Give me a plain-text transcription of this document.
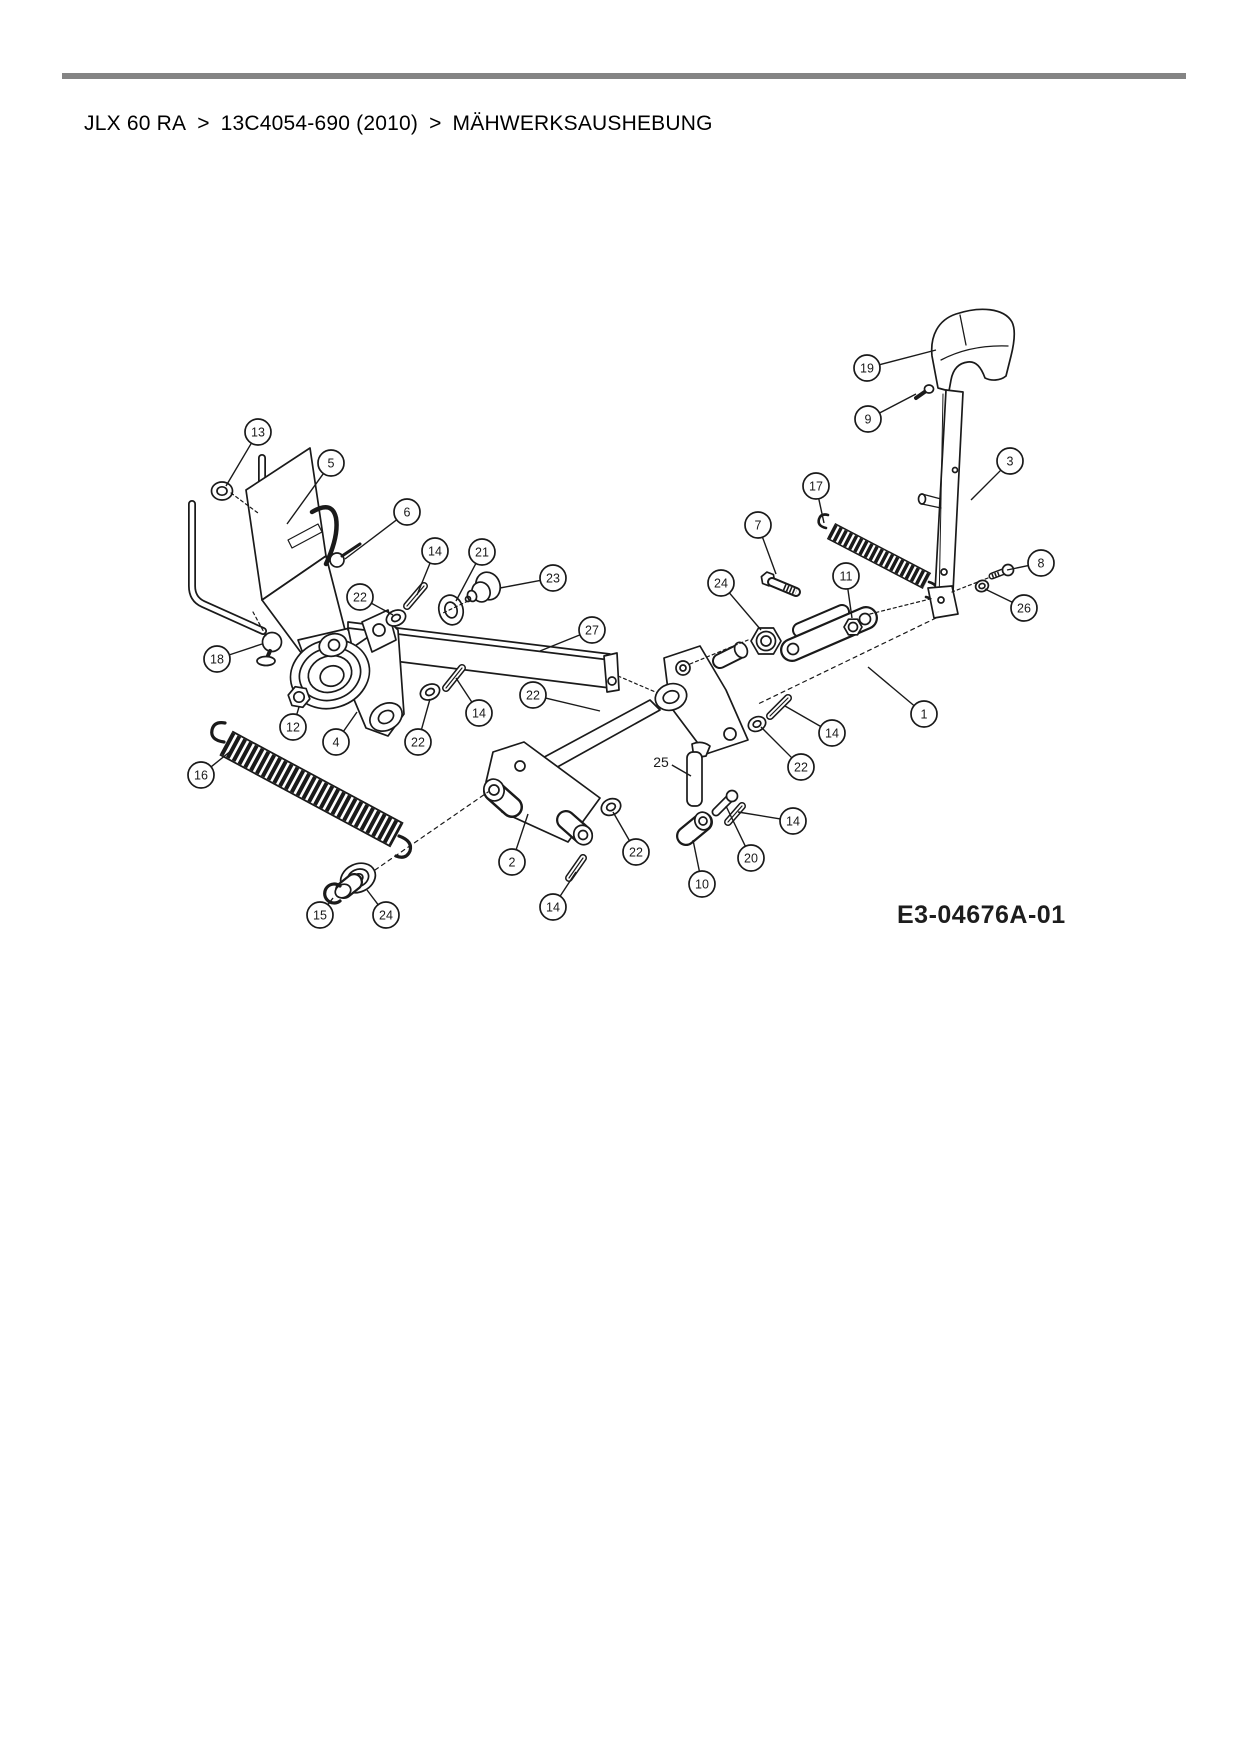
JLX 60 RA > 13C4054-690 (2010) > MÄHWERKSAUSHEBUNG
13
5
6
18
12
4
16
15	24
2
14
22
10
20
14
22
14
1
22
14	21
23
27
22
14
22
24
7
11
17
9
19
3
8
26
25
E3-04676A-01
